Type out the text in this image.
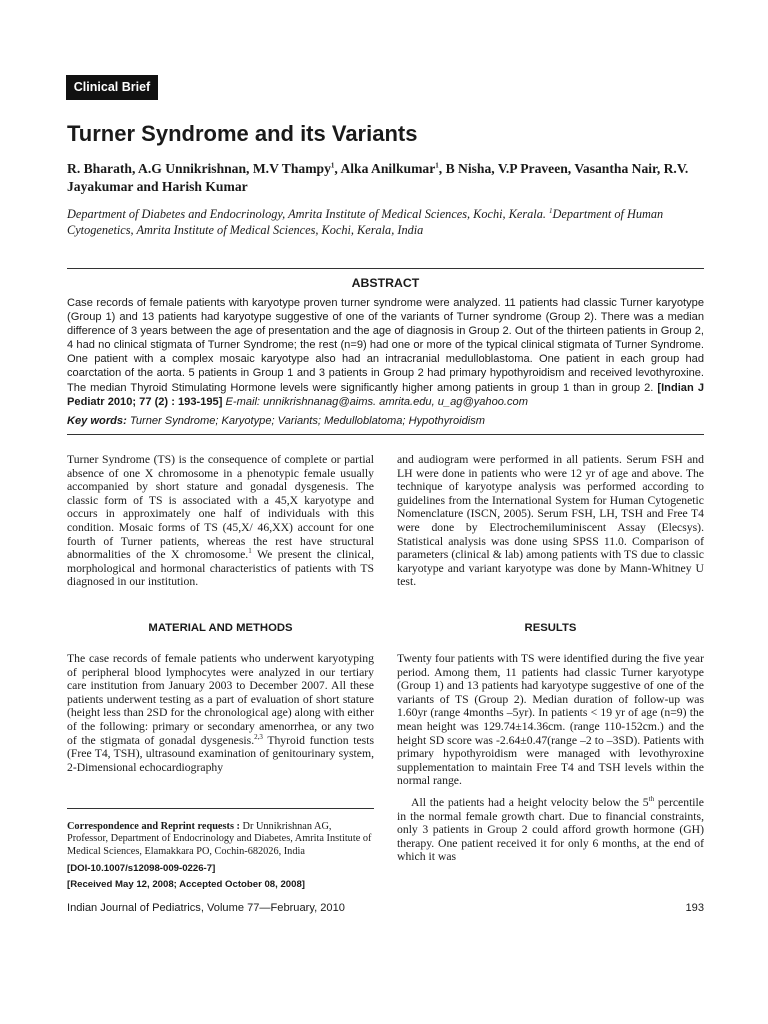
Clinical Brief
Turner Syndrome and its Variants
R. Bharath, A.G Unnikrishnan, M.V Thampy$^1$, Alka Anilkumar$^1$, B Nisha, V.P Praveen, Vasantha Nair, R.V. Jayakumar and Harish Kumar
Department of Diabetes and Endocrinology, Amrita Institute of Medical Sciences, Kochi, Kerala. $^1$Department of Human Cytogenetics, Amrita Institute of Medical Sciences, Kochi, Kerala, India
ABSTRACT
Case records of female patients with karyotype proven turner syndrome were analyzed. 11 patients had classic Turner karyotype (Group 1) and 13 patients had karyotype suggestive of one of the variants of Turner syndrome (Group 2). There was a median difference of 3 years between the age of presentation and the age of diagnosis in Group 2. Out of the thirteen patients in Group 2, 4 had no clinical stigmata of Turner Syndrome; the rest (n=9) had one or more of the typical clinical stigmata of Turner Syndrome. One patient with a complex mosaic karyotype also had an intracranial medulloblastoma. One patient in each group had coarctation of the aorta. 5 patients in Group 1 and 3 patients in Group 2 had primary hypothyroidism and received levothyroxine. The median Thyroid Stimulating Hormone levels were significantly higher among patients in group 1 than in group 2. [Indian J Pediatr 2010; 77 (2) : 193-195] E-mail: unnikrishnanag@aims. amrita.edu, u_ag@yahoo.com
Key words: Turner Syndrome; Karyotype; Variants; Medulloblatoma; Hypothyroidism

Turner Syndrome (TS) is the consequence of complete or partial absence of one X chromosome in a phenotypic female usually accompanied by short stature and gonadal dysgenesis. The classic form of TS is associated with a 45,X karyotype and occurs in approximately one half of individuals with this condition. Mosaic forms of TS (45,X/ 46,XX) account for one fourth of Turner patients, whereas the rest have structural abnormalities of the X chromosome.$^1$ We present the clinical, morphological and hormonal characteristics of patients with TS diagnosed in our institution.

MATERIAL AND METHODS

The case records of female patients who underwent karyotyping of peripheral blood lymphocytes were analyzed in our tertiary care institution from January 2003 to December 2007. All these patients underwent testing as a part of evaluation of short stature (height less than 2SD for the chronological age) along with either of the following: primary or secondary amenorrhea, or any two of the stigmata of gonadal dysgenesis.$^{2,3}$ Thyroid function tests (Free T4, TSH), ultrasound examination of genitourinary system, 2-Dimensional echocardiography

Correspondence and Reprint requests : Dr Unnikrishnan AG, Professor, Department of Endocrinology and Diabetes, Amrita Institute of Medical Sciences, Elamakkara PO, Cochin-682026, India
[DOI-10.1007/s12098-009-0226-7]
[Received May 12, 2008; Accepted October 08, 2008]

and audiogram were performed in all patients. Serum FSH and LH were done in patients who were 12 yr of age and above. The technique of karyotype analysis was performed according to guidelines from the International System for Human Cytogenetic Nomenclature (ISCN, 2005). Serum FSH, LH, TSH and Free T4 were done by Electrochemiluminiscent Assay (Elecsys). Statistical analysis was done using SPSS 11.0. Comparison of parameters (clinical & lab) among patients with TS due to classic karyotype and variant karyotype was done by Mann-Whitney U test.

RESULTS

Twenty four patients with TS were identified during the five year period. Among them, 11 patients had classic Turner karyotype (Group 1) and 13 patients had karyotype suggestive of one of the variants of TS (Group 2). Median duration of follow-up was 1.60yr (range 4months –5yr). In patients < 19 yr of age (n=9) the mean height was 129.74±14.36cm. (range 110-152cm.) and the height SD score was -2.64±0.47(range –2 to –3SD). Patients with primary hypothyroidism were managed with levothyroxine supplementation to maintain Free T4 and TSH levels within the normal range.

All the patients had a height velocity below the 5th percentile in the normal female growth chart. Due to financial constraints, only 3 patients in Group 2 could afford growth hormone (GH) therapy. One patient received it for only 6 months, at the end of which it was

Indian Journal of Pediatrics, Volume 77—February, 2010	193
